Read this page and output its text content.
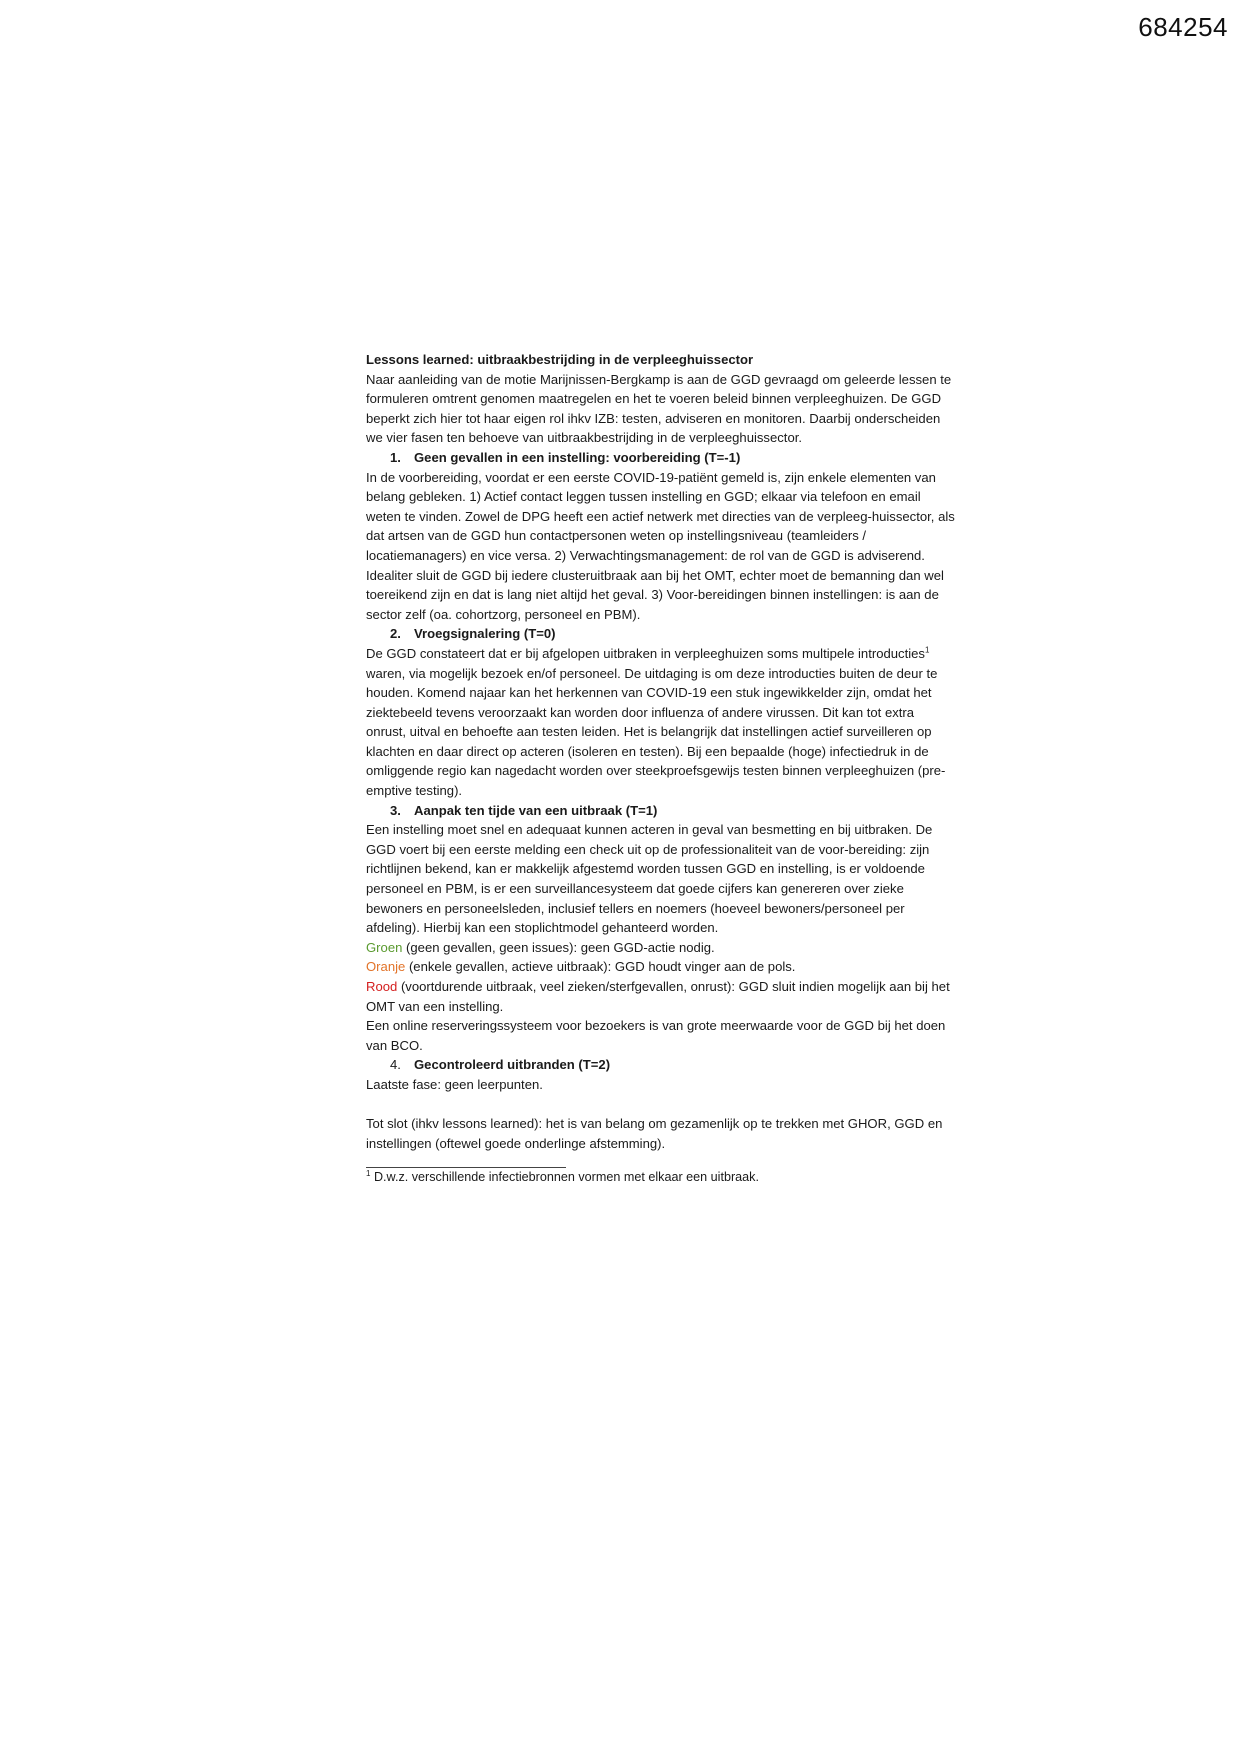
684254

Lessons learned: uitbraakbestrijding in de verpleeghuissector

Naar aanleiding van de motie Marijnissen-Bergkamp is aan de GGD gevraagd om geleerde lessen te formuleren omtrent genomen maatregelen en het te voeren beleid binnen verpleeghuizen. De GGD beperkt zich hier tot haar eigen rol ihkv IZB: testen, adviseren en monitoren. Daarbij onderscheiden we vier fasen ten behoeve van uitbraakbestrijding in de verpleeghuissector.

1. Geen gevallen in een instelling: voorbereiding (T=-1)

In de voorbereiding, voordat er een eerste COVID-19-patiënt gemeld is, zijn enkele elementen van belang gebleken. 1) Actief contact leggen tussen instelling en GGD; elkaar via telefoon en email weten te vinden. Zowel de DPG heeft een actief netwerk met directies van de verpleeg-huissector, als dat artsen van de GGD hun contactpersonen weten op instellingsniveau (teamleiders / locatiemanagers) en vice versa. 2) Verwachtingsmanagement: de rol van de GGD is adviserend. Idealiter sluit de GGD bij iedere clusteruitbraak aan bij het OMT, echter moet de bemanning dan wel toereikend zijn en dat is lang niet altijd het geval. 3) Voor-bereidingen binnen instellingen: is aan de sector zelf (oa. cohortzorg, personeel en PBM).

2. Vroegsignalering (T=0)

De GGD constateert dat er bij afgelopen uitbraken in verpleeghuizen soms multipele introducties$^1$ waren, via mogelijk bezoek en/of personeel. De uitdaging is om deze introducties buiten de deur te houden. Komend najaar kan het herkennen van COVID-19 een stuk ingewikkelder zijn, omdat het ziektebeeld tevens veroorzaakt kan worden door influenza of andere virussen. Dit kan tot extra onrust, uitval en behoefte aan testen leiden. Het is belangrijk dat instellingen actief surveilleren op klachten en daar direct op acteren (isoleren en testen). Bij een bepaalde (hoge) infectiedruk in de omliggende regio kan nagedacht worden over steekproefsgewijs testen binnen verpleeghuizen (pre-emptive testing).

3. Aanpak ten tijde van een uitbraak (T=1)

Een instelling moet snel en adequaat kunnen acteren in geval van besmetting en bij uitbraken. De GGD voert bij een eerste melding een check uit op de professionaliteit van de voor-bereiding: zijn richtlijnen bekend, kan er makkelijk afgestemd worden tussen GGD en instelling, is er voldoende personeel en PBM, is er een surveillancesysteem dat goede cijfers kan genereren over zieke bewoners en personeelsleden, inclusief tellers en noemers (hoeveel bewoners/personeel per afdeling). Hierbij kan een stoplichtmodel gehanteerd worden.

Groen (geen gevallen, geen issues): geen GGD-actie nodig.

Oranje (enkele gevallen, actieve uitbraak): GGD houdt vinger aan de pols.

Rood (voortdurende uitbraak, veel zieken/sterfgevallen, onrust): GGD sluit indien mogelijk aan bij het OMT van een instelling.

Een online reserveringssysteem voor bezoekers is van grote meerwaarde voor de GGD bij het doen van BCO.

4. Gecontroleerd uitbranden (T=2)

Laatste fase: geen leerpunten.

Tot slot (ihkv lessons learned): het is van belang om gezamenlijk op te trekken met GHOR, GGD en instellingen (oftewel goede onderlinge afstemming).

$^1$ D.w.z. verschillende infectiebronnen vormen met elkaar een uitbraak.
